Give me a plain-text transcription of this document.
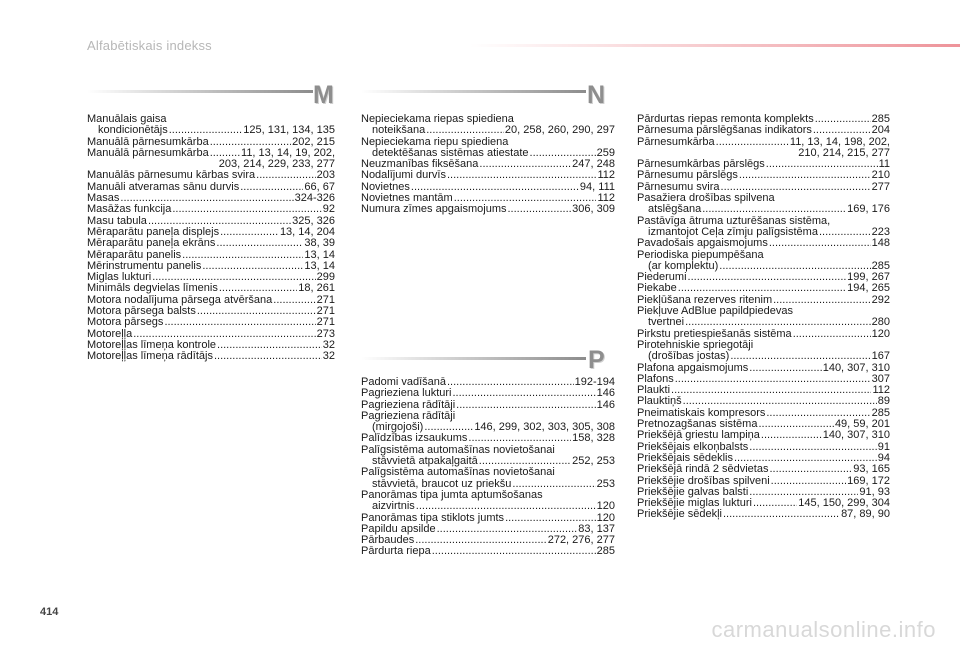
Alfabētiskais indekss
M	N
P
Manuālais gaisa
kondicionētājs .....	125, 131, 134, 135
Manuālā pārnesumkārba .....	202, 215
Manuālā pārnesumkārba .....	11, 13, 14, 19, 202,
203, 214, 229, 233, 277
Manuālās pārnesumu kārbas svira .....	203
Manuāli atveramas sānu durvis .....	66, 67
Masas .....	324-326
Masāžas funkcija .....	92
Masu tabula .....	325, 326
Mēraparātu paneļa displejs .....	13, 14, 204
Mēraparātu paneļa ekrāns .....	38, 39
Mēraparātu panelis .....	13, 14
Mērinstrumentu panelis .....	13, 14
Miglas lukturi .....	299
Minimāls degvielas līmenis .....	18, 261
Motora nodalījuma pārsega atvēršana .....	271
Motora pārsega balsts .....	271
Motora pārsegs .....	271
Motoreļļa .....	273
Motoreļļas līmeņa kontrole .....	32
Motoreļļas līmeņa rādītājs .....	32
Nepieciekama riepas spiediena
noteikšana .....	20, 258, 260, 290, 297
Nepieciekama riepu spiediena
detektēšanas sistēmas atiestate .....	259
Neuzmanības fiksēšana .....	247, 248
Nodalījumi durvīs .....	112
Novietnes .....	94, 111
Novietnes mantām .....	112
Numura zīmes apgaismojums .....	306, 309
Padomi vadīšanā .....	192-194
Pagrieziena lukturi .....	146
Pagrieziena rādītāji .....	146
Pagrieziena rādītāji
(mirgojoši) .....	146, 299, 302, 303, 305, 308
Palīdzības izsaukums .....	158, 328
Palīgsistēma automašīnas novietošanai
stāvvietā atpakaļgaitā .....	252, 253
Palīgsistēma automašīnas novietošanai
stāvvietā, braucot uz priekšu .....	253
Panorāmas tipa jumta aptumšošanas
aizvirtnis .....	120
Panorāmas tipa stiklots jumts .....	120
Papildu apsilde .....	83, 137
Pārbaudes .....	272, 276, 277
Pārdurta riepa .....	285
Pārdurtas riepas remonta komplekts .....	285
Pārnesuma pārslēgšanas indikators .....	204
Pārnesumkārba .....	11, 13, 14, 198, 202,
210, 214, 215, 277
Pārnesumkārbas pārslēgs .....	11
Pārnesumu pārslēgs .....	210
Pārnesumu svira .....	277
Pasažiera drošības spilvena
atslēgšana .....	169, 176
Pastāvīga ātruma uzturēšanas sistēma,
izmantojot Ceļa zīmju palīgsistēma .....	223
Pavadošais apgaismojums .....	148
Periodiska piepumpēšana
(ar komplektu) .....	285
Piederumi .....	199, 267
Piekabe .....	194, 265
Piekļūšana rezerves ritenim .....	292
Piekļuve AdBlue papildpiedevas
tvertnei .....	280
Pirkstu pretiespiešanās sistēma .....	120
Pirotehniskie spriegotāji
(drošības jostas) .....	167
Plafona apgaismojums .....	140, 307, 310
Plafons .....	307
Plaukti .....	112
Plauktiņš .....	89
Pneimatiskais kompresors .....	285
Pretnozagšanas sistēma .....	49, 59, 201
Priekšējā griestu lampiņa .....	140, 307, 310
Priekšējais elkoņbalsts .....	91
Priekšējais sēdeklis .....	94
Priekšējā rindā 2 sēdvietas .....	93, 165
Priekšējie drošības spilveni .....	169, 172
Priekšējie galvas balsti .....	91, 93
Priekšējie miglas lukturi .....	145, 150, 299, 304
Priekšējie sēdekļi .....	87, 89, 90
414
carmanualsonline.info
